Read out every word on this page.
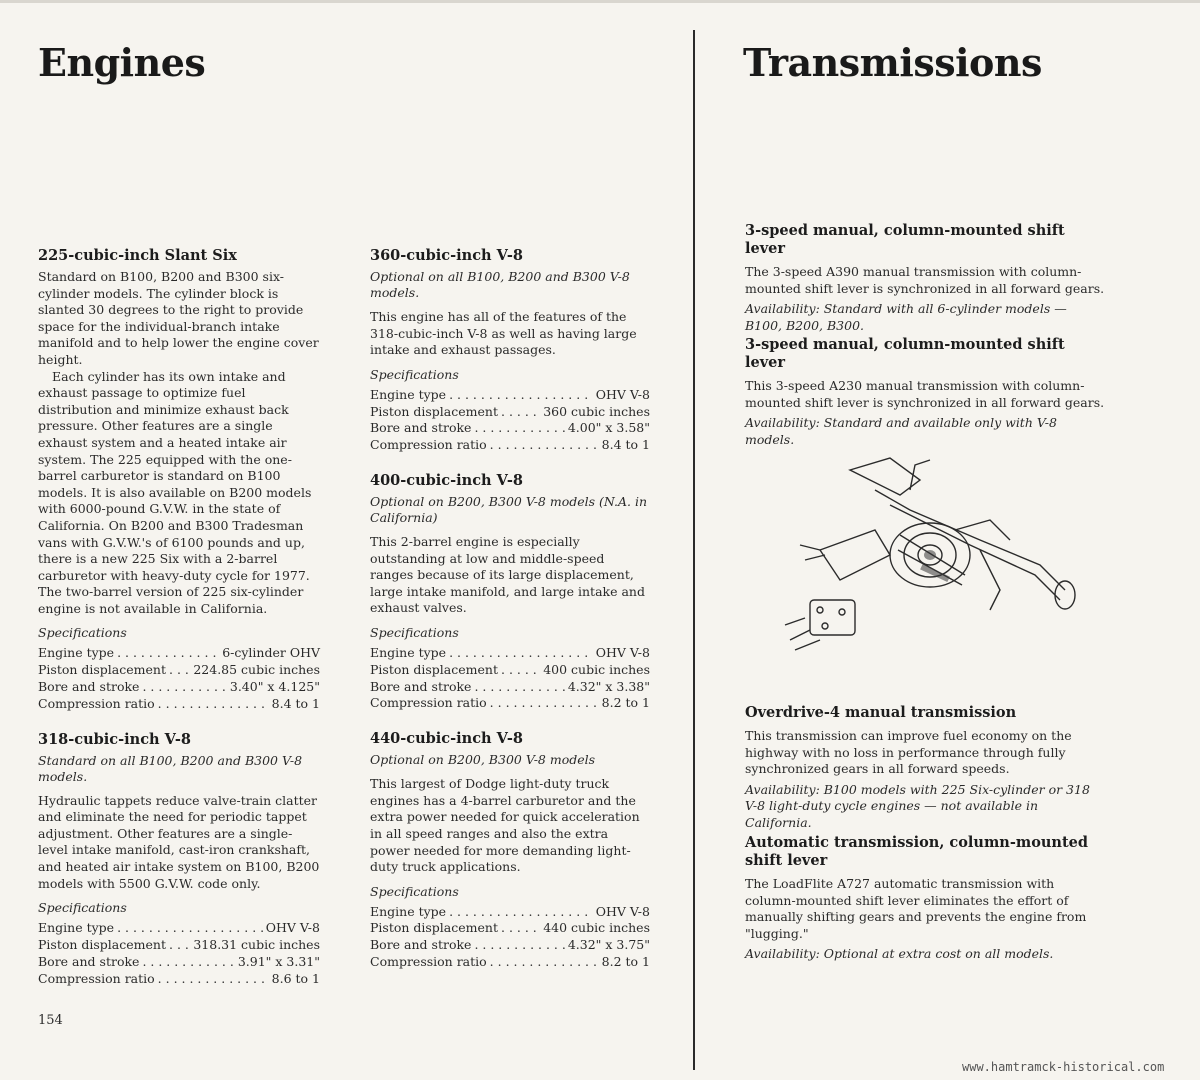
Engines	Transmissions
225-cubic-inch Slant Six

Standard on B100, B200 and B300 six-cylinder models. The cylinder block is slanted 30 degrees to the right to provide space for the individual-branch intake manifold and to help lower the engine cover height.

Each cylinder has its own intake and exhaust passage to optimize fuel distribution and minimize exhaust back pressure. Other features are a single exhaust system and a heated intake air system. The 225 equipped with the one-barrel carburetor is standard on B100 models. It is also available on B200 models with 6000-pound G.V.W. in the state of California. On B200 and B300 Tradesman vans with G.V.W.'s of 6100 pounds and up, there is a new 225 Six with a 2-barrel carburetor with heavy-duty cycle for 1977. The two-barrel version of 225 six-cylinder engine is not available in California.

Specifications

Engine type . . .	6-cylinder OHV
Piston displacement . . . 224.85 cubic inches
Bore and stroke . . .	3.40" x 4.125"
Compression ratio . . .	8.4 to 1
318-cubic-inch V-8

Standard on all B100, B200 and B300 V-8 models.

Hydraulic tappets reduce valve-train clatter and eliminate the need for periodic tappet adjustment. Other features are a single-level intake manifold, cast-iron crankshaft, and heated air intake system on B100, B200 models with 5500 G.V.W. code only.

Specifications

Engine type . . .	OHV V-8
Piston displacement . . . 318.31 cubic inches
Bore and stroke . . .	3.91" x 3.31"
Compression ratio . . .	8.6 to 1
360-cubic-inch V-8

Optional on all B100, B200 and B300 V-8 models.

This engine has all of the features of the 318-cubic-inch V-8 as well as having large intake and exhaust passages.

Specifications

Engine type . . .	OHV V-8
Piston displacement . . .	360 cubic inches
Bore and stroke . . .	4.00" x 3.58"
Compression ratio . . .	8.4 to 1
400-cubic-inch V-8

Optional on B200, B300 V-8 models (N.A. in California)

This 2-barrel engine is especially outstanding at low and middle-speed ranges because of its large displacement, large intake manifold, and large intake and exhaust valves.

Specifications

Engine type . . .	OHV V-8
Piston displacement . . .	400 cubic inches
Bore and stroke . . .	4.32" x 3.38"
Compression ratio . . .	8.2 to 1
440-cubic-inch V-8

Optional on B200, B300 V-8 models

This largest of Dodge light-duty truck engines has a 4-barrel carburetor and the extra power needed for quick acceleration in all speed ranges and also the extra power needed for more demanding light-duty truck applications.

Specifications

Engine type . . .	OHV V-8
Piston displacement . . .	440 cubic inches
Bore and stroke . . .	4.32" x 3.75"
Compression ratio . . .	8.2 to 1
3-speed manual, column-mounted shift lever

The 3-speed A390 manual transmission with column-mounted shift lever is synchronized in all forward gears.

Availability: Standard with all 6-cylinder models — B100, B200, B300.

3-speed manual, column-mounted shift lever

This 3-speed A230 manual transmission with column-mounted shift lever is synchronized in all forward gears.

Availability: Standard and available only with V-8 models.

Overdrive-4 manual transmission

This transmission can improve fuel economy on the highway with no loss in performance through fully synchronized gears in all forward speeds.

Availability: B100 models with 225 Six-cylinder or 318 V-8 light-duty cycle engines — not available in California.

Automatic transmission, column-mounted shift lever

The LoadFlite A727 automatic transmission with column-mounted shift lever eliminates the effort of manually shifting gears and prevents the engine from "lugging."

Availability: Optional at extra cost on all models.

154
www.hamtramck-historical.com
